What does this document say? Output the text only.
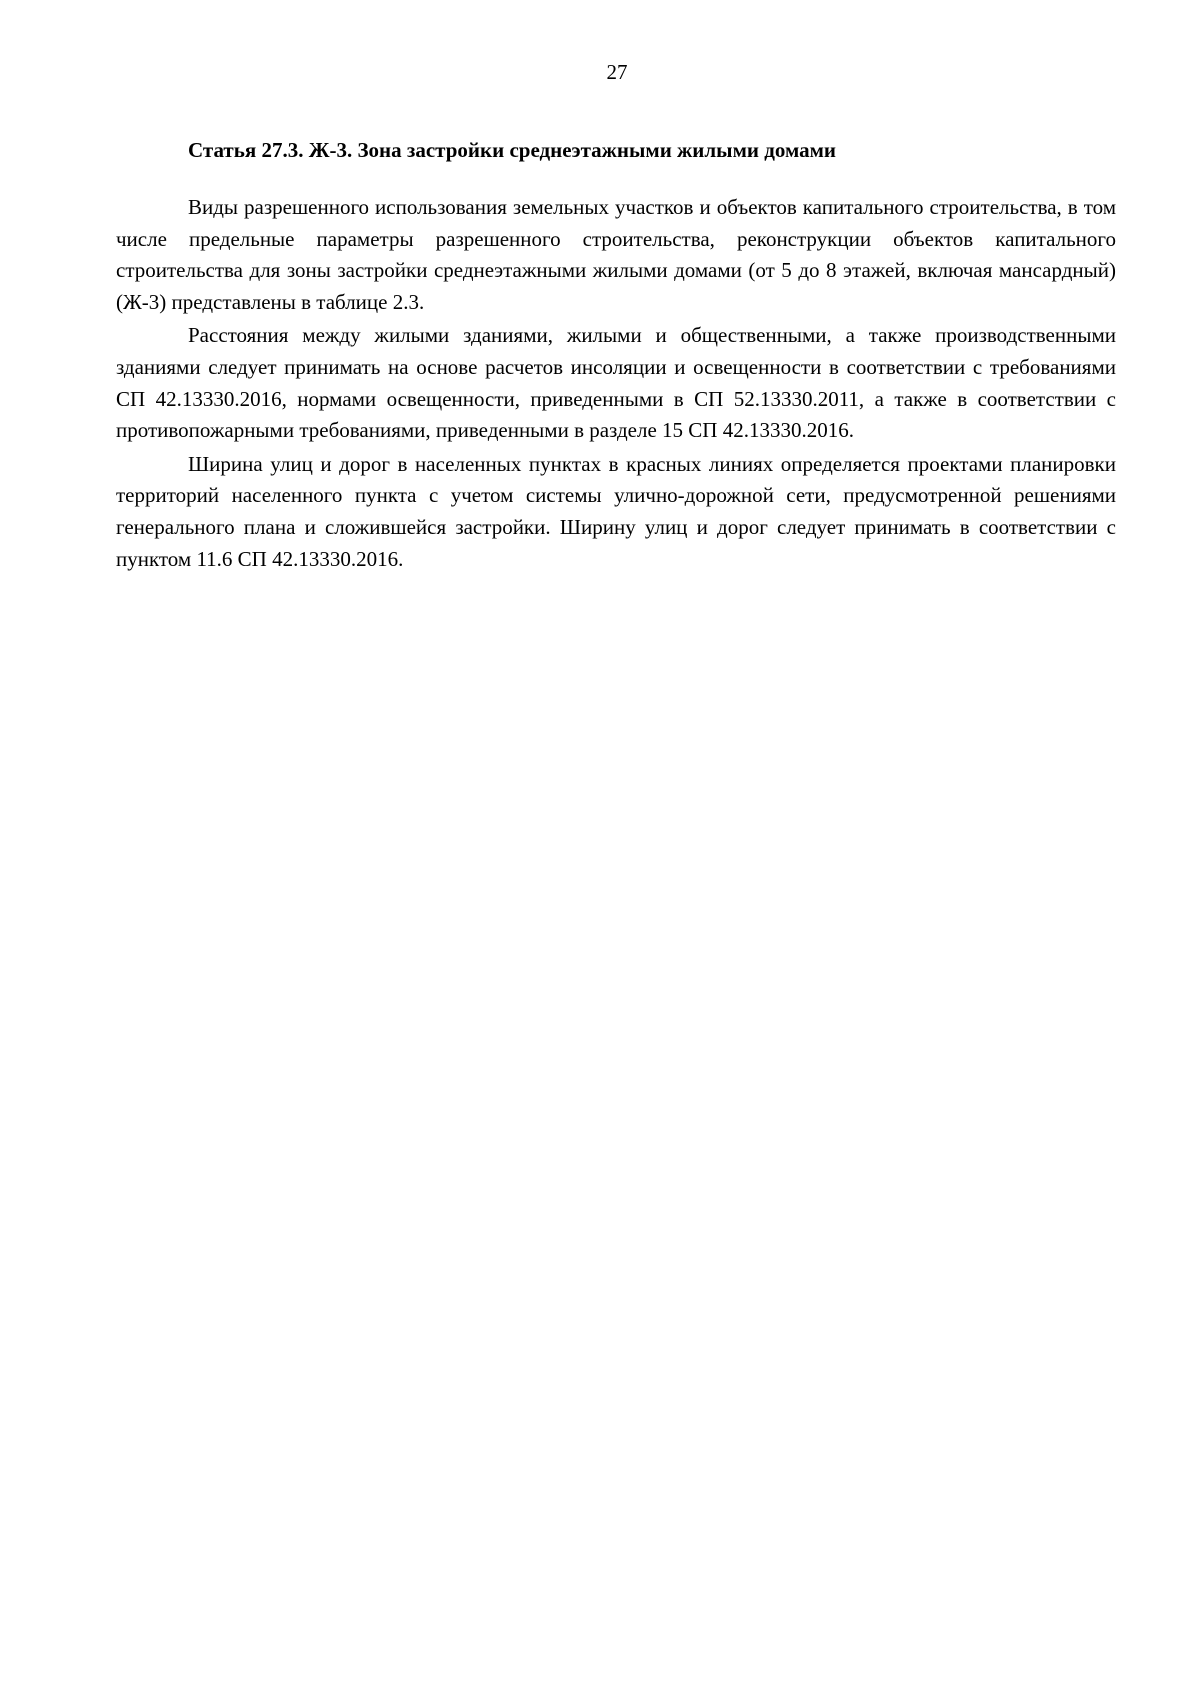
27
Статья 27.3. Ж-3. Зона застройки среднеэтажными жилыми домами

Виды разрешенного использования земельных участков и объектов капитального строительства, в том числе предельные параметры разрешенного строительства, реконструкции объектов капитального строительства для зоны застройки среднеэтажными жилыми домами (от 5 до 8 этажей, включая мансардный) (Ж-3) представлены в таблице 2.3.

Расстояния между жилыми зданиями, жилыми и общественными, а также производственными зданиями следует принимать на основе расчетов инсоляции и освещенности в соответствии с требованиями СП 42.13330.2016, нормами освещенности, приведенными в СП 52.13330.2011, а также в соответствии с противопожарными требованиями, приведенными в разделе 15 СП 42.13330.2016.

Ширина улиц и дорог в населенных пунктах в красных линиях определяется проектами планировки территорий населенного пункта с учетом системы улично-дорожной сети, предусмотренной решениями генерального плана и сложившейся застройки. Ширину улиц и дорог следует принимать в соответствии с пунктом 11.6 СП 42.13330.2016.
